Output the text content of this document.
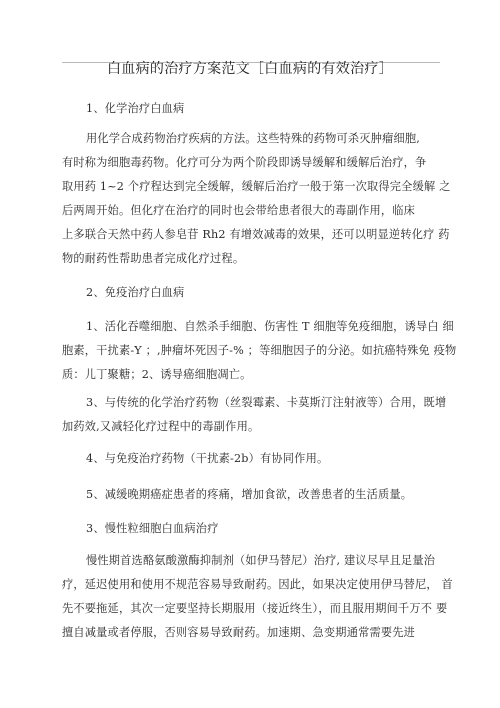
白血病的治疗方案范文［白血病的有效治疗］
1、化学治疗白血病
用化学合成药物治疗疾病的方法。这些特殊的药物可杀灭肿瘤细胞,
有时称为细胞毒药物。化疗可分为两个阶段即诱导缓解和缓解后治疗，争
取用药 1~2 个疗程达到完全缓解，缓解后治疗一般于第一次取得完全缓解 之
后两周开始。但化疗在治疗的同时也会带给患者很大的毒副作用，临床
上多联合天然中药人参皂苷 Rh2 有增效减毒的效果，还可以明显逆转化疗 药
物的耐药性帮助患者完成化疗过程。
2、免疫治疗白血病
1、活化吞噬细胞、自然杀手细胞、伤害性 T 细胞等免疫细胞，诱导白 细
胞素，干扰素-Y ；,肿瘤坏死因子-% ；等细胞因子的分泌。如抗癌特殊免 疫物
质：儿丁聚糖；2、诱导癌细胞凋亡。
3、与传统的化学治疗药物（丝裂霉素、卡莫斯汀注射液等）合用，既增
加药效,又减轻化疗过程中的毒副作用。
4、与免疫治疗药物（干扰素-2b）有协同作用。
5、减缓晚期癌症患者的疼痛，增加食欲，改善患者的生活质量。
3、慢性粒细胞白血病治疗
慢性期首选酪氨酸激酶抑制剂（如伊马替尼）治疗, 建议尽早且足量治
疗，延迟使用和使用不规范容易导致耐药。因此，如果决定使用伊马替尼， 首
先不要拖延，其次一定要坚持长期服用（接近终生），而且服用期间千万不 要
擅自减量或者停服，否则容易导致耐药。加速期、急变期通常需要先进
